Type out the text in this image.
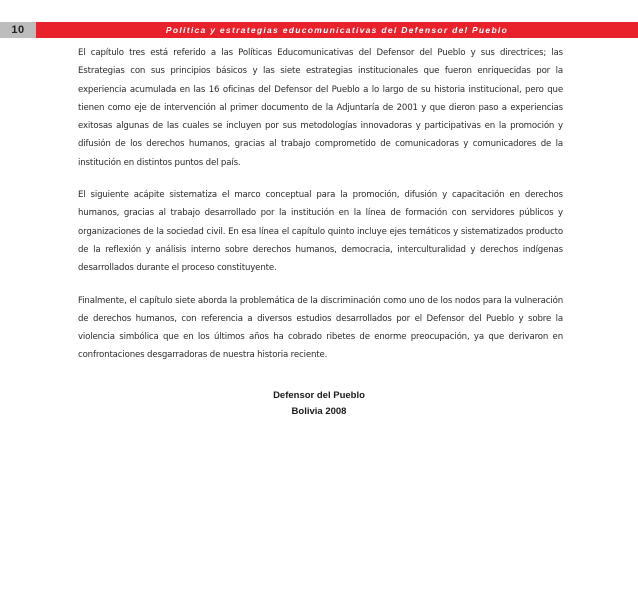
10	Política y estrategias educomunicativas del Defensor del Pueblo

El capítulo tres está referido a las Políticas Educomunicativas del Defensor del Pueblo y sus directrices; las Estrategias con sus principios básicos y las siete estrategias institucionales que fueron enriquecidas por la experiencia acumulada en las 16 oficinas del Defensor del Pueblo a lo largo de su historia institucional, pero que tienen como eje de intervención al primer documento de la Adjuntaría de 2001 y que dieron paso a experiencias exitosas algunas de las cuales se incluyen por sus metodologías innovadoras y participativas en la promoción y difusión de los derechos humanos, gracias al trabajo comprometido de comunicadoras y comunicadores de la institución en distintos puntos del país.

El siguiente acápite sistematiza el marco conceptual para la promoción, difusión y capacitación en derechos humanos, gracias al trabajo desarrollado por la institución en la línea de formación con servidores públicos y organizaciones de la sociedad civil. En esa línea el capítulo quinto incluye ejes temáticos y sistematizados producto de la reflexión y análisis interno sobre derechos humanos, democracia, interculturalidad y derechos indígenas desarrollados durante el proceso constituyente.

Finalmente, el capítulo siete aborda la problemática de la discriminación como uno de los nodos para la vulneración de derechos humanos, con referencia a diversos estudios desarrollados por el Defensor del Pueblo y sobre la violencia simbólica que en los últimos años ha cobrado ribetes de enorme preocupación, ya que derivaron en confrontaciones desgarradoras de nuestra historia reciente.

Defensor del Pueblo
Bolivia 2008
